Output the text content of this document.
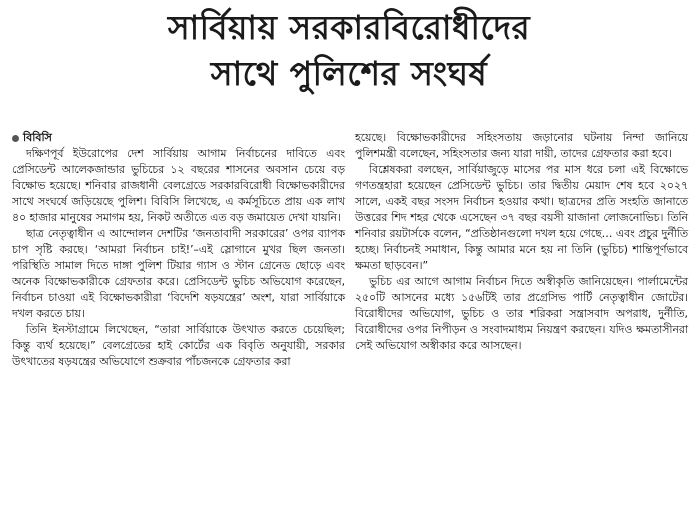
সার্বিয়ায় সরকারবিরোধীদের
সাথে পুলিশের সংঘর্ষ
বিবিসি

দক্ষিণপূর্ব ইউরোপের দেশ সার্বিয়ায় আগাম নির্বাচনের দাবিতে এবং প্রেসিডেন্ট আলেকজান্ডার ভুচিচের ১২ বছরের শাসনের অবসান চেয়ে বড় বিক্ষোভ হয়েছে। শনিবার রাজধানী বেলগ্রেডে সরকারবিরোধী বিক্ষোভকারীদের সাথে সংঘর্ষে জড়িয়েছে পুলিশ। বিবিসি লিখেছে, এ কর্মসূচিতে প্রায় এক লাখ ৪০ হাজার মানুষের সমাগম হয়, নিকট অতীতে এত বড় জমায়েত দেখা যায়নি।

ছাত্র নেতৃত্বাধীন এ আন্দোলন দেশটির ‘জনতাবাদী সরকারের’ ওপর ব্যাপক চাপ সৃষ্টি করছে। ‘আমরা নির্বাচন চাই!’–এই স্লোগানে মুখর ছিল জনতা। পরিস্থিতি সামাল দিতে দাঙ্গা পুলিশ টিয়ার গ্যাস ও স্টান গ্রেনেড ছোড়ে এবং অনেক বিক্ষোভকারীকে গ্রেফতার করে। প্রেসিডেন্ট ভুচিচ অভিযোগ করেছেন, নির্বাচন চাওয়া এই বিক্ষোভকারীরা ‘বিদেশি ষড়যন্ত্রের’ অংশ, যারা সার্বিয়াকে দখল করতে চায়।

তিনি ইনস্টাগ্রামে লিখেছেন, “তারা সার্বিয়াকে উৎখাত করতে চেয়েছিল; কিন্তু ব্যর্থ হয়েছে।” বেলগ্রেডের হাই কোর্টের এক বিবৃতি অনুযায়ী, সরকার উৎখাতের ষড়যন্ত্রের অভিযোগে শুক্রবার পাঁচজনকে গ্রেফতার করা

হয়েছে। বিক্ষোভকারীদের সহিংসতায় জড়ানোর ঘটনায় নিন্দা জানিয়ে পুলিশমন্ত্রী বলেছেন, সহিংসতার জন্য যারা দায়ী, তাদের গ্রেফতার করা হবে।

বিশ্লেষকরা বলছেন, সার্বিয়াজুড়ে মাসের পর মাস ধরে চলা এই বিক্ষোভে গণতন্ত্রহারা হয়েছেন প্রেসিডেন্ট ভুচিচ। তার দ্বিতীয় মেয়াদ শেষ হবে ২০২৭ সালে, একই বছর সংসদ নির্বাচন হওয়ার কথা। ছাত্রদের প্রতি সংহতি জানাতে উত্তরের শিদ শহর থেকে এসেছেন ৩৭ বছর বয়সী য়াজানা লোজনোভিচ। তিনি শনিবার রয়টার্সকে বলেন, “প্রতিষ্ঠানগুলো দখল হয়ে গেছে… এবং প্রচুর দুর্নীতি হচ্ছে। নির্বাচনই সমাধান, কিন্তু আমার মনে হয় না তিনি (ভুচিচ) শান্তিপূর্ণভাবে ক্ষমতা ছাড়বেন।”

ভুচিচ এর আগে আগাম নির্বাচন দিতে অস্বীকৃতি জানিয়েছেন। পার্লামেন্টের ২৫০টি আসনের মধ্যে ১৫৬টিই তার প্রগ্রেসিভ পার্টি নেতৃত্বাধীন জোটের। বিরোধীদের অভিযোগ, ভুচিচ ও তার শরিকরা সন্ত্রাসবাদ অপরাধ, দুর্নীতি, বিরোধীদের ওপর নিপীড়ন ও সংবাদমাধ্যম নিয়ন্ত্রণ করছেন। যদিও ক্ষমতাসীনরা সেই অভিযোগ অস্বীকার করে আসছেন।
